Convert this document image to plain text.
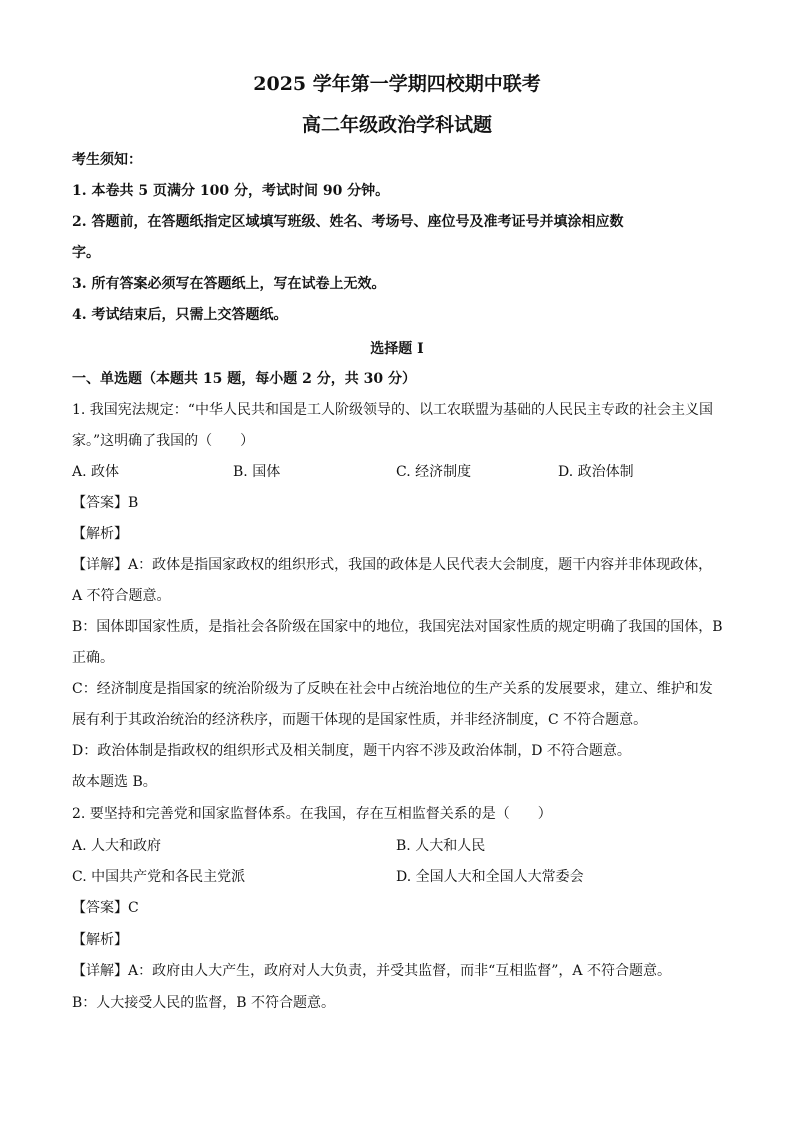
2025 学年第一学期四校期中联考
高二年级政治学科试题
考生须知：
1. 本卷共 5 页满分 100 分，考试时间 90 分钟。
2. 答题前，在答题纸指定区域填写班级、姓名、考场号、座位号及准考证号并填涂相应数
字。
3. 所有答案必须写在答题纸上，写在试卷上无效。
4. 考试结束后，只需上交答题纸。
选择题 I
一、单选题（本题共 15 题，每小题 2 分，共 30 分）
1. 我国宪法规定：“中华人民共和国是工人阶级领导的、以工农联盟为基础的人民民主专政的社会主义国
家。”这明确了我国的（　　）
A. 政体	B. 国体	C. 经济制度	D. 政治体制
【答案】B
【解析】
【详解】A：政体是指国家政权的组织形式，我国的政体是人民代表大会制度，题干内容并非体现政体，
A 不符合题意。
B：国体即国家性质，是指社会各阶级在国家中的地位，我国宪法对国家性质的规定明确了我国的国体，B
正确。
C：经济制度是指国家的统治阶级为了反映在社会中占统治地位的生产关系的发展要求，建立、维护和发
展有利于其政治统治的经济秩序，而题干体现的是国家性质，并非经济制度，C 不符合题意。
D：政治体制是指政权的组织形式及相关制度，题干内容不涉及政治体制，D 不符合题意。
故本题选 B。
2. 要坚持和完善党和国家监督体系。在我国，存在互相监督关系的是（　　）
A. 人大和政府	B. 人大和人民
C. 中国共产党和各民主党派	D. 全国人大和全国人大常委会
【答案】C
【解析】
【详解】A：政府由人大产生，政府对人大负责，并受其监督，而非“互相监督”，A 不符合题意。
B：人大接受人民的监督，B 不符合题意。
